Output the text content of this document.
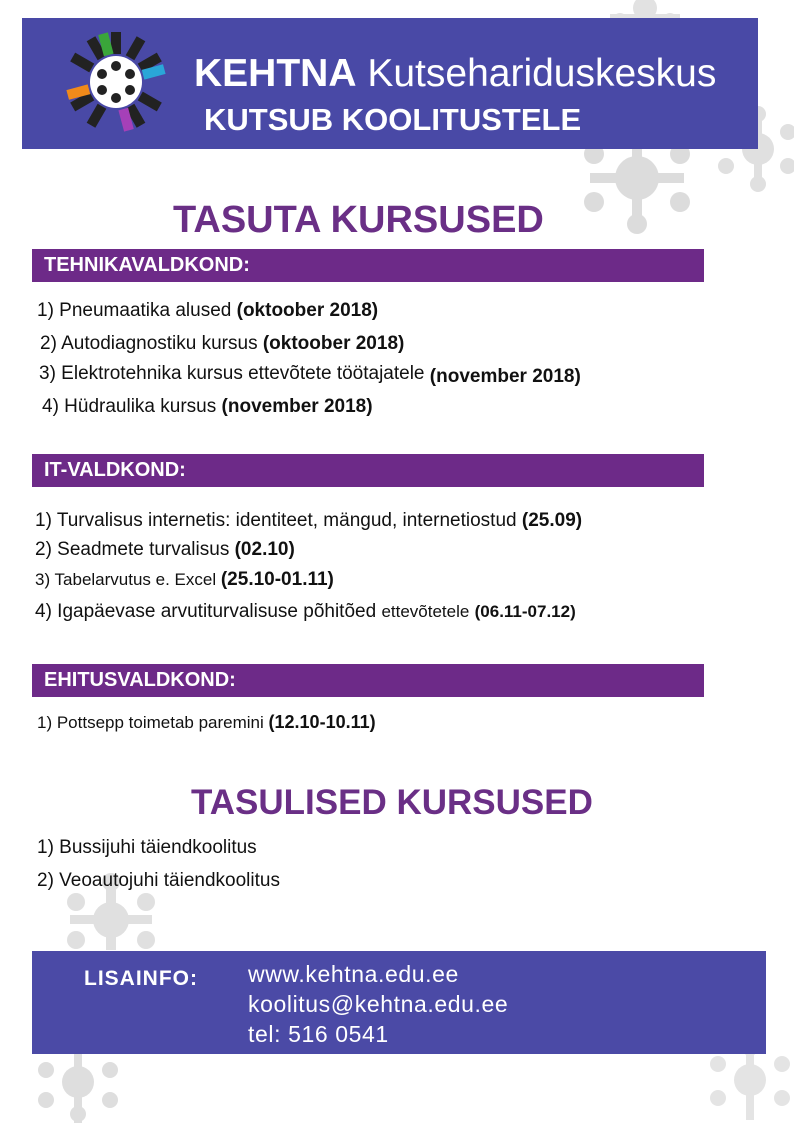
KEHTNA Kutsehariduskeskus
KUTSUB KOOLITUSTELE
TASUTA KURSUSED
TEHNIKAVALDKOND:
1) Pneumaatika alused (oktoober 2018)
2) Autodiagnostiku kursus (oktoober 2018)
3) Elektrotehnika kursus ettevõtete töötajatele (november 2018)
4) Hüdraulika kursus (november 2018)
IT-VALDKOND:
1) Turvalisus internetis: identiteet, mängud, internetiostud (25.09)
2) Seadmete turvalisus (02.10)
3) Tabelarvutus e. Excel (25.10-01.11)
4) Igapäevase arvutiturvalisuse põhitõed ettevõtetele (06.11-07.12)
EHITUSVALDKOND:
1) Pottsepp toimetab paremini (12.10-10.11)
TASULISED KURSUSED
1) Bussijuhi täiendkoolitus
2) Veoautojuhi täiendkoolitus
LISAINFO: www.kehtna.edu.ee
koolitus@kehtna.edu.ee
tel: 516 0541
